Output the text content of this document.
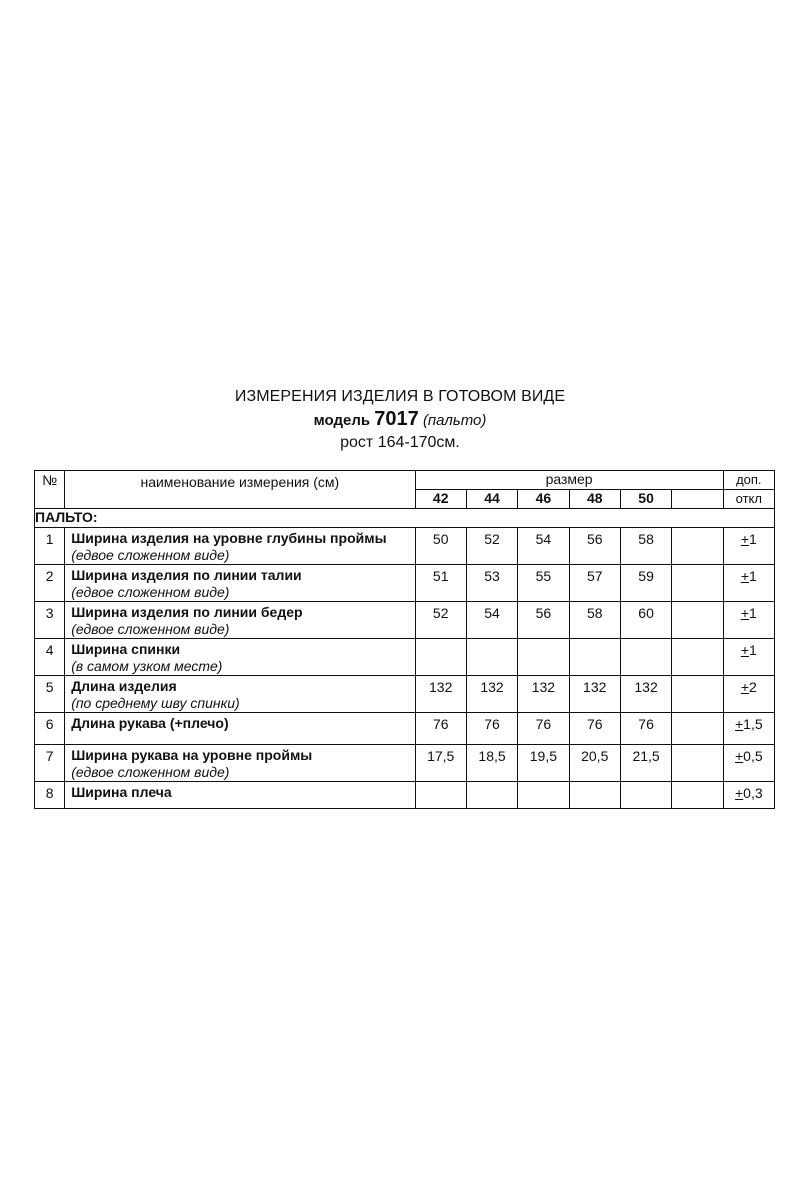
ИЗМЕРЕНИЯ ИЗДЕЛИЯ В ГОТОВОМ ВИДЕ
модель 7017 (пальто)
рост 164-170см.
№	наименование измерения (см)	размер						доп.
		42	44	46	48	50		откл
ПАЛЬТО:								
1	Ширина изделия на уровне глубины проймы
(едвое сложенном виде)	50	52	54	56	58		+1
2	Ширина изделия по линии талии
(едвое сложенном виде)	51	53	55	57	59		+1
3	Ширина изделия по линии бедер
(едвое сложенном виде)	52	54	56	58	60		+1
4	Ширина спинки
(в самом узком месте)							+1
5	Длина изделия
(по среднему шву спинки)	132	132	132	132	132		+2
6	Длина рукава (+плечо)	76	76	76	76	76		+1,5
7	Ширина рукава на уровне проймы
(едвое сложенном виде)	17,5	18,5	19,5	20,5	21,5		+0,5
8	Ширина плеча							+0,3
